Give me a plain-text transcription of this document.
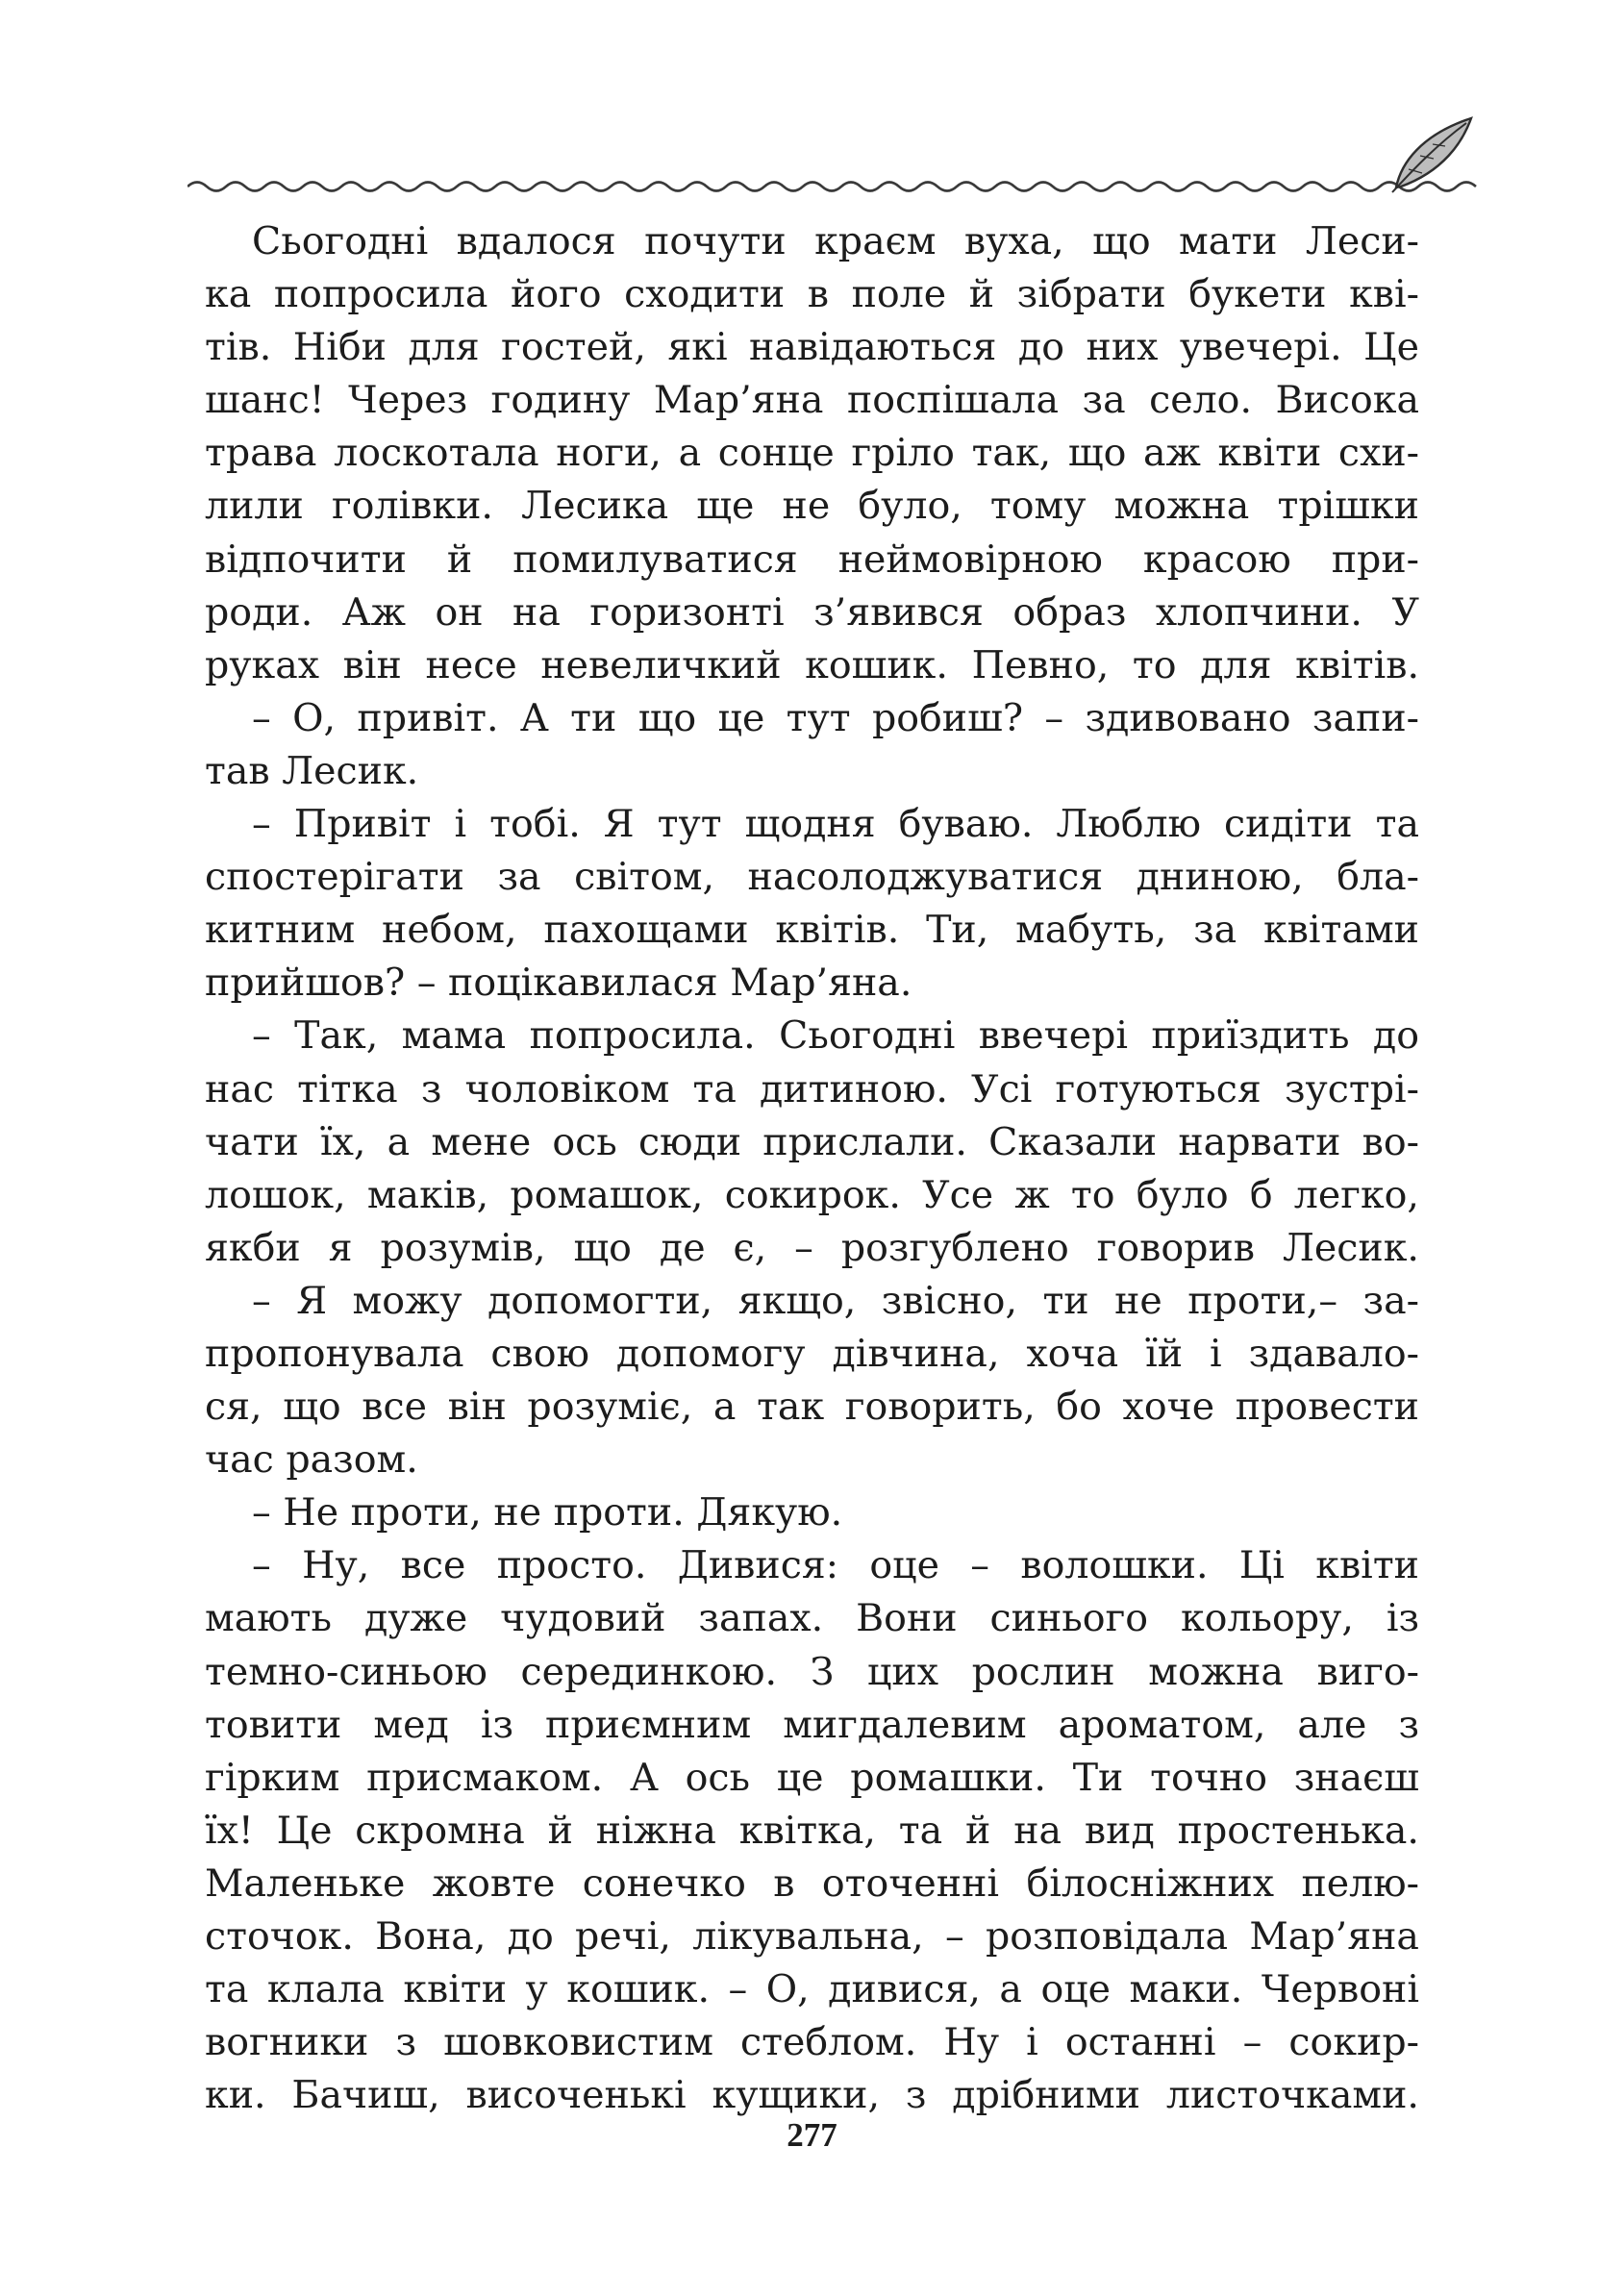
Сьогодні вдалося почути краєм вуха, що мати Леси-
ка попросила його сходити в поле й зібрати букети кві-
тів. Ніби для гостей, які навідаються до них увечері. Це
шанс! Через годину Мар’яна поспішала за село. Висока
трава лоскотала ноги, а сонце гріло так, що аж квіти схи-
лили голівки. Лесика ще не було, тому можна трішки
відпочити й помилуватися неймовірною красою при-
роди. Аж он на горизонті з’явився образ хлопчини. У
руках він несе невеличкий кошик. Певно, то для квітів.
– О, привіт. А ти що це тут робиш? – здивовано запи-
тав Лесик.
– Привіт і тобі. Я тут щодня буваю. Люблю сидіти та
спостерігати за світом, насолоджуватися дниною, бла-
китним небом, пахощами квітів. Ти, мабуть, за квітами
прийшов? – поцікавилася Мар’яна.
– Так, мама попросила. Сьогодні ввечері приїздить до
нас тітка з чоловіком та дитиною. Усі готуються зустрі-
чати їх, а мене ось сюди прислали. Сказали нарвати во-
лошок, маків, ромашок, сокирок. Усе ж то було б легко,
якби я розумів, що де є, – розгублено говорив Лесик.
– Я можу допомогти, якщо, звісно, ти не проти,– за-
пропонувала свою допомогу дівчина, хоча їй і здавало-
ся, що все він розуміє, а так говорить, бо хоче провести
час разом.
– Не проти, не проти. Дякую.
– Ну, все просто. Дивися: оце – волошки. Ці квіти
мають дуже чудовий запах. Вони синього кольору, із
темно-синьою серединкою. З цих рослин можна виго-
товити мед із приємним мигдалевим ароматом, але з
гірким присмаком. А ось це ромашки. Ти точно знаєш
їх! Це скромна й ніжна квітка, та й на вид простенька.
Маленьке жовте сонечко в оточенні білосніжних пелю-
сточок. Вона, до речі, лікувальна, – розповідала Мар’яна
та клала квіти у кошик. – О, дивися, а оце маки. Червоні
вогники з шовковистим стеблом. Ну і останні – сокир-
ки. Бачиш, височенькі кущики, з дрібними листочками.
277
